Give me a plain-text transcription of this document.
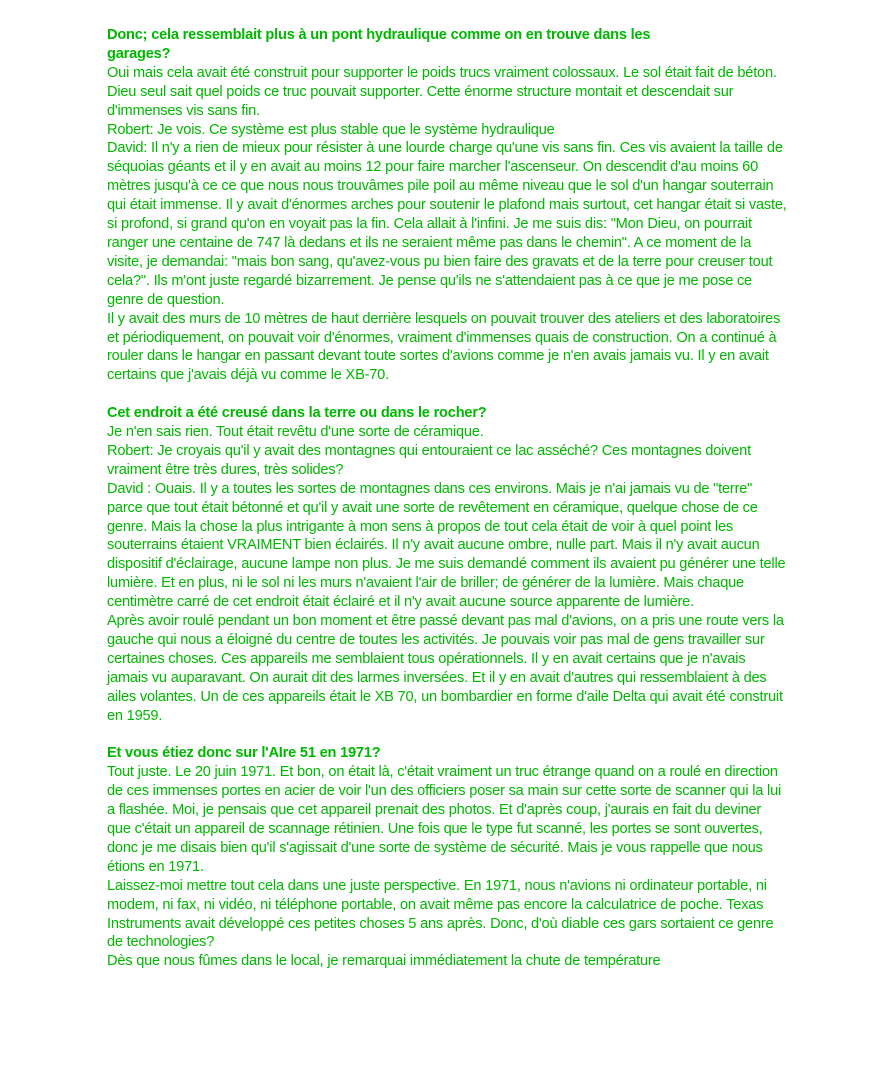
Donc; cela ressemblait plus à un pont hydraulique comme on en trouve dans les garages?

Oui mais cela avait été construit pour supporter le poids trucs vraiment colossaux. Le sol était fait de béton. Dieu seul sait quel poids ce truc pouvait supporter. Cette énorme structure montait et descendait sur d'immenses vis sans fin.

Robert: Je vois. Ce système est plus stable que le système hydraulique

David: Il n'y a rien de mieux pour résister à une lourde charge qu'une vis sans fin. Ces vis avaient la taille de séquoias géants et il y en avait au moins 12 pour faire marcher l'ascenseur. On descendit d'au moins 60 mètres jusqu'à ce ce que nous nous trouvâmes pile poil au même niveau que le sol d'un hangar souterrain qui était immense. Il y avait d'énormes arches pour soutenir le plafond mais surtout, cet hangar était si vaste, si profond, si grand qu'on en voyait pas la fin. Cela allait à l'infini. Je me suis dis: "Mon Dieu, on pourrait ranger une centaine de 747 là dedans et ils ne seraient même pas dans le chemin". A ce moment de la visite, je demandai: "mais bon sang, qu'avez-vous pu bien faire des gravats et de la terre pour creuser tout cela?". Ils m'ont juste regardé bizarrement. Je pense qu'ils ne s'attendaient pas à ce que je me pose ce genre de question.

Il y avait des murs de 10 mètres de haut derrière lesquels on pouvait trouver des ateliers et des laboratoires et périodiquement, on pouvait voir d'énormes, vraiment d'immenses quais de construction. On a continué à rouler dans le hangar en passant devant toute sortes d'avions comme je n'en avais jamais vu. Il y en avait certains que j'avais déjà vu comme le XB-70.

Cet endroit a été creusé dans la terre ou dans le rocher?

Je n'en sais rien. Tout était revêtu d'une sorte de céramique.

Robert: Je croyais qu'il y avait des montagnes qui entouraient ce lac asséché? Ces montagnes doivent vraiment être très dures, très solides?

David : Ouais. Il y a toutes les sortes de montagnes dans ces environs. Mais je n'ai jamais vu de "terre" parce que tout était bétonné et qu'il y avait une sorte de revêtement en céramique, quelque chose de ce genre. Mais la chose la plus intrigante à mon sens à propos de tout cela était de voir à quel point les souterrains étaient VRAIMENT bien éclairés. Il n'y avait aucune ombre, nulle part. Mais il n'y avait aucun dispositif d'éclairage, aucune lampe non plus. Je me suis demandé comment ils avaient pu générer une telle lumière. Et en plus, ni le sol ni les murs n'avaient l'air de briller; de générer de la lumière. Mais chaque centimètre carré de cet endroit était éclairé et il n'y avait aucune source apparente de lumière.

Après avoir roulé pendant un bon moment et être passé devant pas mal d'avions, on a pris une route vers la gauche qui nous a éloigné du centre de toutes les activités. Je pouvais voir pas mal de gens travailler sur certaines choses. Ces appareils me semblaient tous opérationnels. Il y en avait certains que je n'avais jamais vu auparavant. On aurait dit des larmes inversées. Et il y en avait d'autres qui ressemblaient à des ailes volantes. Un de ces appareils était le XB 70, un bombardier en forme d'aile Delta qui avait été construit en 1959.

Et vous étiez donc sur l'AIre 51 en 1971?

Tout juste. Le 20 juin 1971. Et bon, on était là, c'était vraiment un truc étrange quand on a roulé en direction de ces immenses portes en acier de voir l'un des officiers poser sa main sur cette sorte de scanner qui la lui a flashée. Moi, je pensais que cet appareil prenait des photos. Et d'après coup, j'aurais en fait du deviner que c'était un appareil de scannage rétinien. Une fois que le type fut scanné, les portes se sont ouvertes, donc je me disais bien qu'il s'agissait d'une sorte de système de sécurité. Mais je vous rappelle que nous étions en 1971.

Laissez-moi mettre tout cela dans une juste perspective. En 1971, nous n'avions ni ordinateur portable, ni modem, ni fax, ni vidéo, ni téléphone portable, on avait même pas encore la calculatrice de poche. Texas Instruments avait développé ces petites choses 5 ans après. Donc, d'où diable ces gars sortaient ce genre de technologies?

Dès que nous fûmes dans le local, je remarquai immédiatement la chute de température
